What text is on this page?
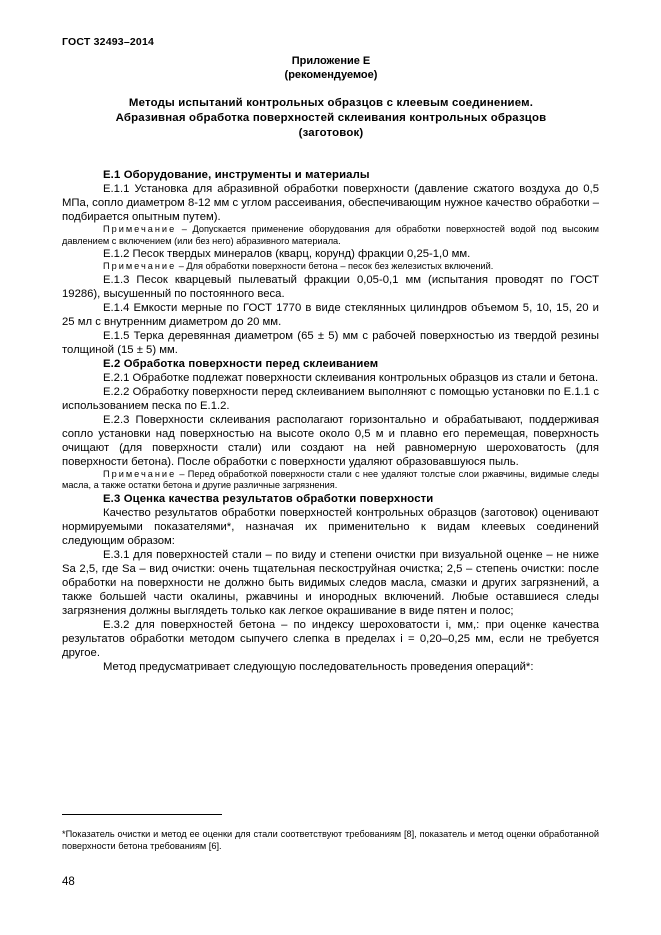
ГОСТ 32493–2014
Приложение Е
(рекомендуемое)
Методы испытаний контрольных образцов с клеевым соединением.
Абразивная обработка поверхностей склеивания контрольных образцов
(заготовок)

Е.1 Оборудование, инструменты и материалы

Е.1.1 Установка для абразивной обработки поверхности (давление сжатого воздуха до 0,5 МПа, сопло диаметром 8-12 мм с углом рассеивания, обеспечивающим нужное качество обработки – подбирается опытным путем).

Примечание – Допускается применение оборудования для обработки поверхностей водой под высоким давлением с включением (или без него) абразивного материала.

Е.1.2 Песок твердых минералов (кварц, корунд) фракции 0,25-1,0 мм.

Примечание – Для обработки поверхности бетона – песок без железистых включений.

Е.1.3 Песок кварцевый пылеватый фракции 0,05-0,1 мм (испытания проводят по ГОСТ 19286), высушенный по постоянного веса.

Е.1.4 Емкости мерные по ГОСТ 1770 в виде стеклянных цилиндров объемом 5, 10, 15, 20 и 25 мл с внутренним диаметром до 20 мм.

Е.1.5 Терка деревянная диаметром (65 ± 5) мм с рабочей поверхностью из твердой резины толщиной (15 ± 5) мм.

Е.2 Обработка поверхности перед склеиванием

Е.2.1 Обработке подлежат поверхности склеивания контрольных образцов из стали и бетона.

Е.2.2 Обработку поверхности перед склеиванием выполняют с помощью установки по Е.1.1 с использованием песка по Е.1.2.

Е.2.3 Поверхности склеивания располагают горизонтально и обрабатывают, поддерживая сопло установки над поверхностью на высоте около 0,5 м и плавно его перемещая, поверхность очищают (для поверхности стали) или создают на ней равномерную шероховатость (для поверхности бетона). После обработки с поверхности удаляют образовавшуюся пыль.

Примечание – Перед обработкой поверхности стали с нее удаляют толстые слои ржавчины, видимые следы масла, а также остатки бетона и другие различные загрязнения.

Е.3 Оценка качества результатов обработки поверхности

Качество результатов обработки поверхностей контрольных образцов (заготовок) оценивают нормируемыми показателями*, назначая их применительно к видам клеевых соединений следующим образом:

Е.3.1 для поверхностей стали – по виду и степени очистки при визуальной оценке – не ниже Sa 2,5, где Sa – вид очистки: очень тщательная пескоструйная очистка; 2,5 – степень очистки: после обработки на поверхности не должно быть видимых следов масла, смазки и других загрязнений, а также большей части окалины, ржавчины и инородных включений. Любые оставшиеся следы загрязнения должны выглядеть только как легкое окрашивание в виде пятен и полос;

Е.3.2 для поверхностей бетона – по индексу шероховатости i, мм,: при оценке качества результатов обработки методом сыпучего слепка в пределах i = 0,20–0,25 мм, если не требуется другое.

Метод предусматривает следующую последовательность проведения операций*:

*Показатель очистки и метод ее оценки для стали соответствуют требованиям [8], показатель и метод оценки обработанной поверхности бетона требованиям [6].
48
